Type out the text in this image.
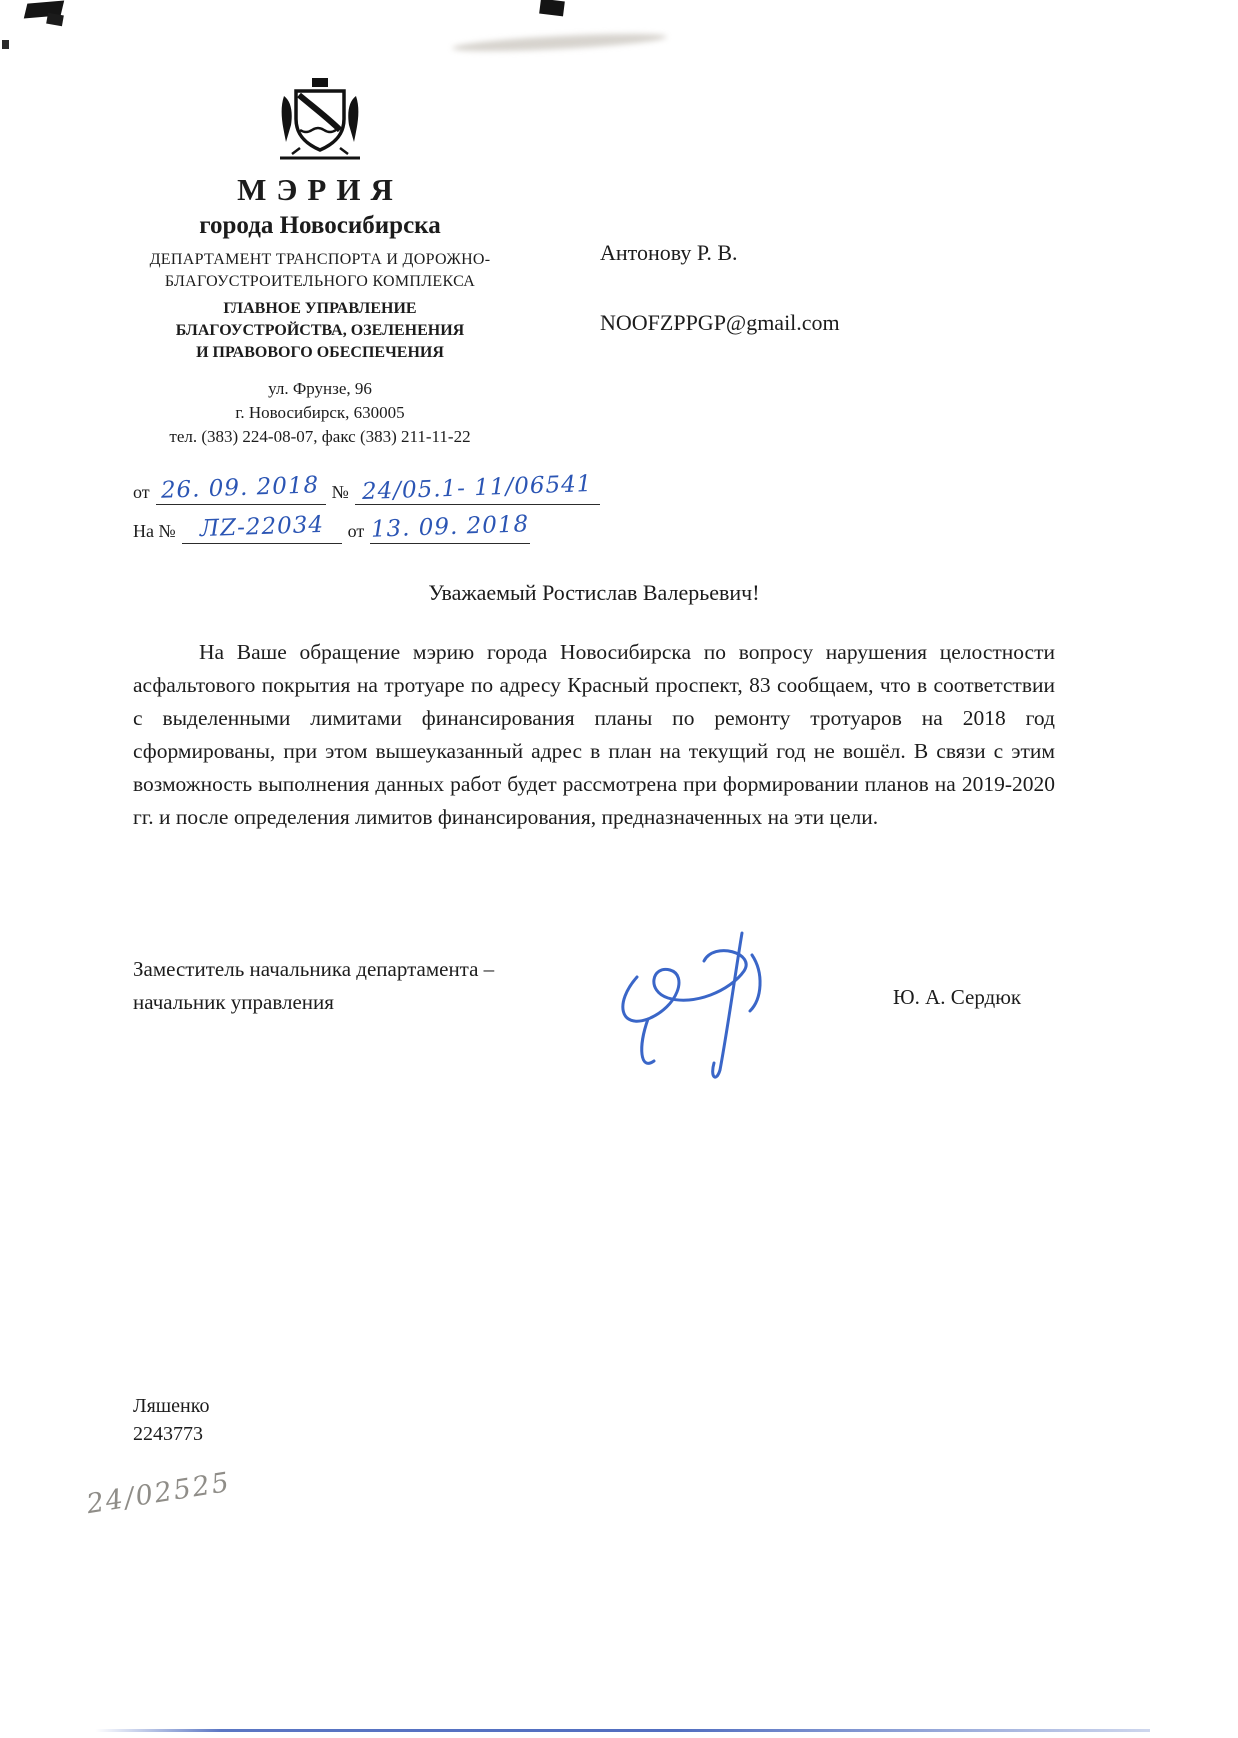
МЭРИЯ
города Новосибирска
ДЕПАРТАМЕНТ ТРАНСПОРТА И ДОРОЖНО-БЛАГОУСТРОИТЕЛЬНОГО КОМПЛЕКСА
ГЛАВНОЕ УПРАВЛЕНИЕ БЛАГОУСТРОЙСТВА, ОЗЕЛЕНЕНИЯ И ПРАВОВОГО ОБЕСПЕЧЕНИЯ
ул. Фрунзе, 96
г. Новосибирск, 630005
тел. (383) 224-08-07, факс (383) 211-11-22
Антонову Р. В.
NOOFZPPGP@gmail.com
от 26. 09. 2018 № 24/05.1- 11/06541
На № ЛZ-22034 от 13. 09. 2018
Уважаемый Ростислав Валерьевич!

На Ваше обращение мэрию города Новосибирска по вопросу нарушения целостности асфальтового покрытия на тротуаре по адресу Красный проспект, 83 сообщаем, что в соответствии с выделенными лимитами финансирования планы по ремонту тротуаров на 2018 год сформированы, при этом вышеуказанный адрес в план на текущий год не вошёл. В связи с этим возможность выполнения данных работ будет рассмотрена при формировании планов на 2019-2020 гг. и после определения лимитов финансирования, предназначенных на эти цели.

Заместитель начальника департамента –
начальник управления	Ю. А. Сердюк
Ляшенко
2243773
24/02525
